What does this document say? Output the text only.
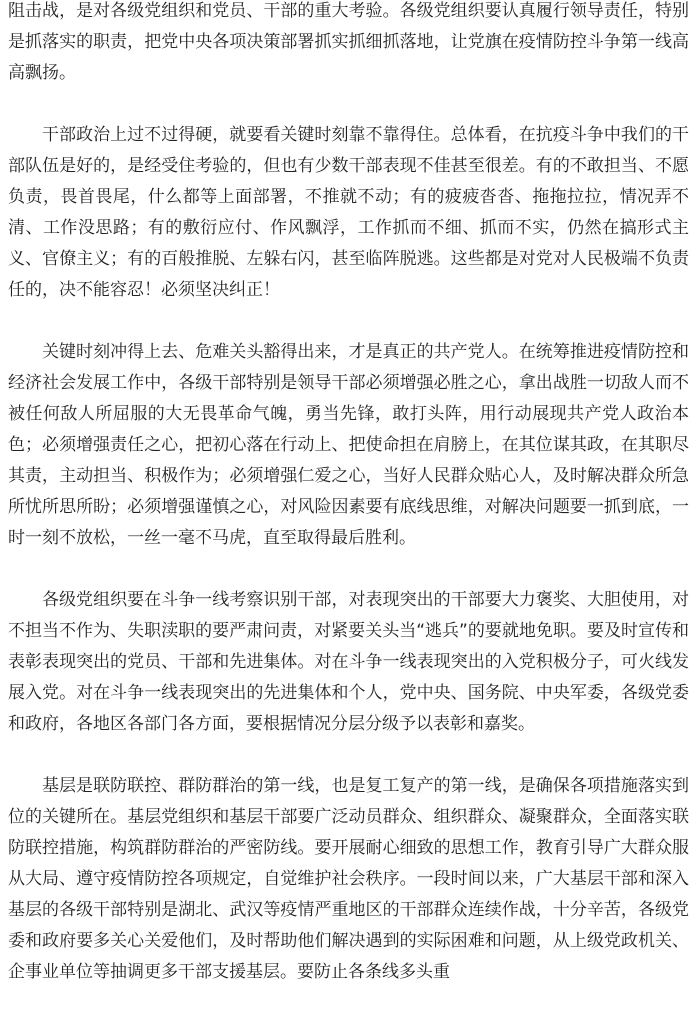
阻击战，是对各级党组织和党员、干部的重大考验。各级党组织要认真履行领导责任，特别是抓落实的职责，把党中央各项决策部署抓实抓细抓落地，让党旗在疫情防控斗争第一线高高飘扬。

干部政治上过不过得硬，就要看关键时刻靠不靠得住。总体看，在抗疫斗争中我们的干部队伍是好的，是经受住考验的，但也有少数干部表现不佳甚至很差。有的不敢担当、不愿负责，畏首畏尾，什么都等上面部署，不推就不动；有的疲疲沓沓、拖拖拉拉，情况弄不清、工作没思路；有的敷衍应付、作风飘浮，工作抓而不细、抓而不实，仍然在搞形式主义、官僚主义；有的百般推脱、左躲右闪，甚至临阵脱逃。这些都是对党对人民极端不负责任的，决不能容忍！必须坚决纠正！

关键时刻冲得上去、危难关头豁得出来，才是真正的共产党人。在统筹推进疫情防控和经济社会发展工作中，各级干部特别是领导干部必须增强必胜之心，拿出战胜一切敌人而不被任何敌人所屈服的大无畏革命气魄，勇当先锋，敢打头阵，用行动展现共产党人政治本色；必须增强责任之心，把初心落在行动上、把使命担在肩膀上，在其位谋其政，在其职尽其责，主动担当、积极作为；必须增强仁爱之心，当好人民群众贴心人，及时解决群众所急所忧所思所盼；必须增强谨慎之心，对风险因素要有底线思维，对解决问题要一抓到底，一时一刻不放松，一丝一毫不马虎，直至取得最后胜利。

各级党组织要在斗争一线考察识别干部，对表现突出的干部要大力褒奖、大胆使用，对不担当不作为、失职渎职的要严肃问责，对紧要关头当“逃兵”的要就地免职。要及时宣传和表彰表现突出的党员、干部和先进集体。对在斗争一线表现突出的入党积极分子，可火线发展入党。对在斗争一线表现突出的先进集体和个人，党中央、国务院、中央军委，各级党委和政府，各地区各部门各方面，要根据情况分层分级予以表彰和嘉奖。

基层是联防联控、群防群治的第一线，也是复工复产的第一线，是确保各项措施落实到位的关键所在。基层党组织和基层干部要广泛动员群众、组织群众、凝聚群众，全面落实联防联控措施，构筑群防群治的严密防线。要开展耐心细致的思想工作，教育引导广大群众服从大局、遵守疫情防控各项规定，自觉维护社会秩序。一段时间以来，广大基层干部和深入基层的各级干部特别是湖北、武汉等疫情严重地区的干部群众连续作战，十分辛苦，各级党委和政府要多关心关爱他们，及时帮助他们解决遇到的实际困难和问题，从上级党政机关、企事业单位等抽调更多干部支援基层。要防止各条线多头重
